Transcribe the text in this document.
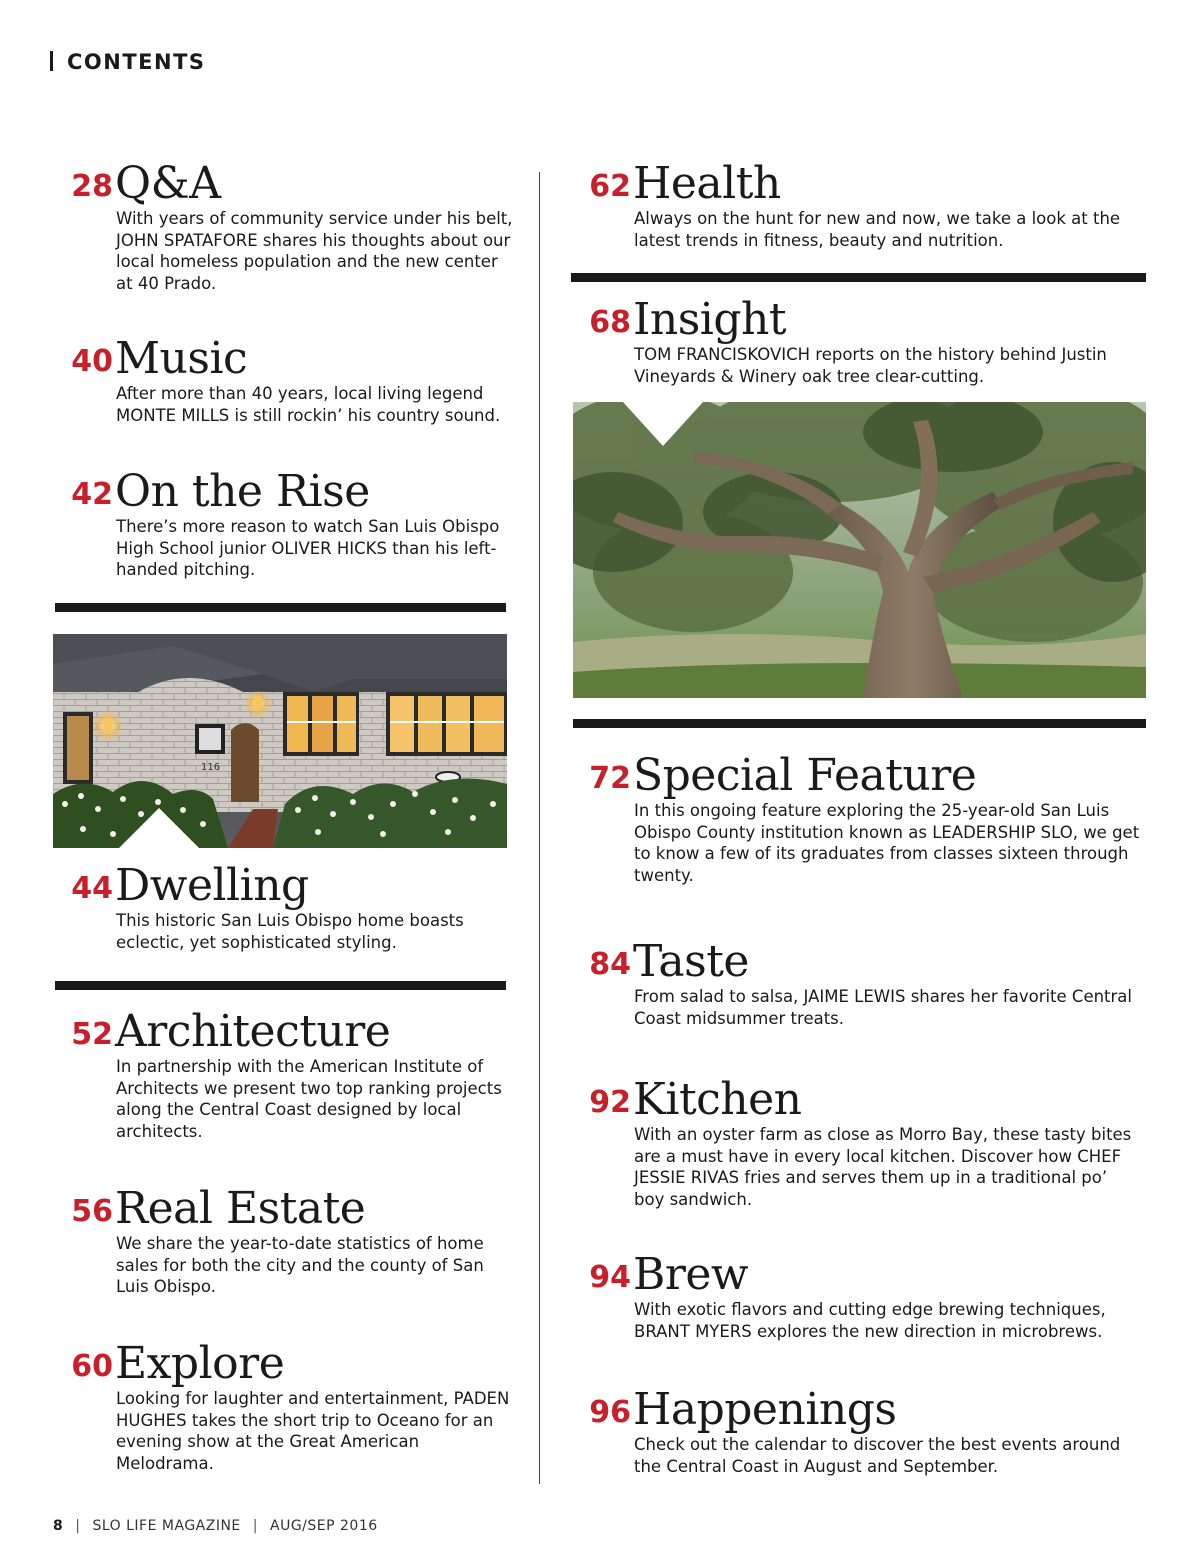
CONTENTS
28 Q&A
With years of community service under his belt, JOHN SPATAFORE shares his thoughts about our local homeless population and the new center at 40 Prado.
40 Music
After more than 40 years, local living legend MONTE MILLS is still rockin’ his country sound.
42 On the Rise
There’s more reason to watch San Luis Obispo High School junior OLIVER HICKS than his left-handed pitching.
116
44 Dwelling
This historic San Luis Obispo home boasts eclectic, yet sophisticated styling.
52 Architecture
In partnership with the American Institute of Architects we present two top ranking projects along the Central Coast designed by local architects.
56 Real Estate
We share the year-to-date statistics of home sales for both the city and the county of San Luis Obispo.
60 Explore
Looking for laughter and entertainment, PADEN HUGHES takes the short trip to Oceano for an evening show at the Great American Melodrama.
62 Health
Always on the hunt for new and now, we take a look at the latest trends in fitness, beauty and nutrition.
68 Insight
TOM FRANCISKOVICH reports on the history behind Justin Vineyards & Winery oak tree clear-cutting.
72 Special Feature
In this ongoing feature exploring the 25-year-old San Luis Obispo County institution known as LEADERSHIP SLO, we get to know a few of its graduates from classes sixteen through twenty.
84 Taste
From salad to salsa, JAIME LEWIS shares her favorite Central Coast midsummer treats.
92 Kitchen
With an oyster farm as close as Morro Bay, these tasty bites are a must have in every local kitchen. Discover how CHEF JESSIE RIVAS fries and serves them up in a traditional po’ boy sandwich.
94 Brew
With exotic flavors and cutting edge brewing techniques, BRANT MYERS explores the new direction in microbrews.
96 Happenings
Check out the calendar to discover the best events around the Central Coast in August and September.
8 | SLO LIFE MAGAZINE | AUG/SEP 2016
